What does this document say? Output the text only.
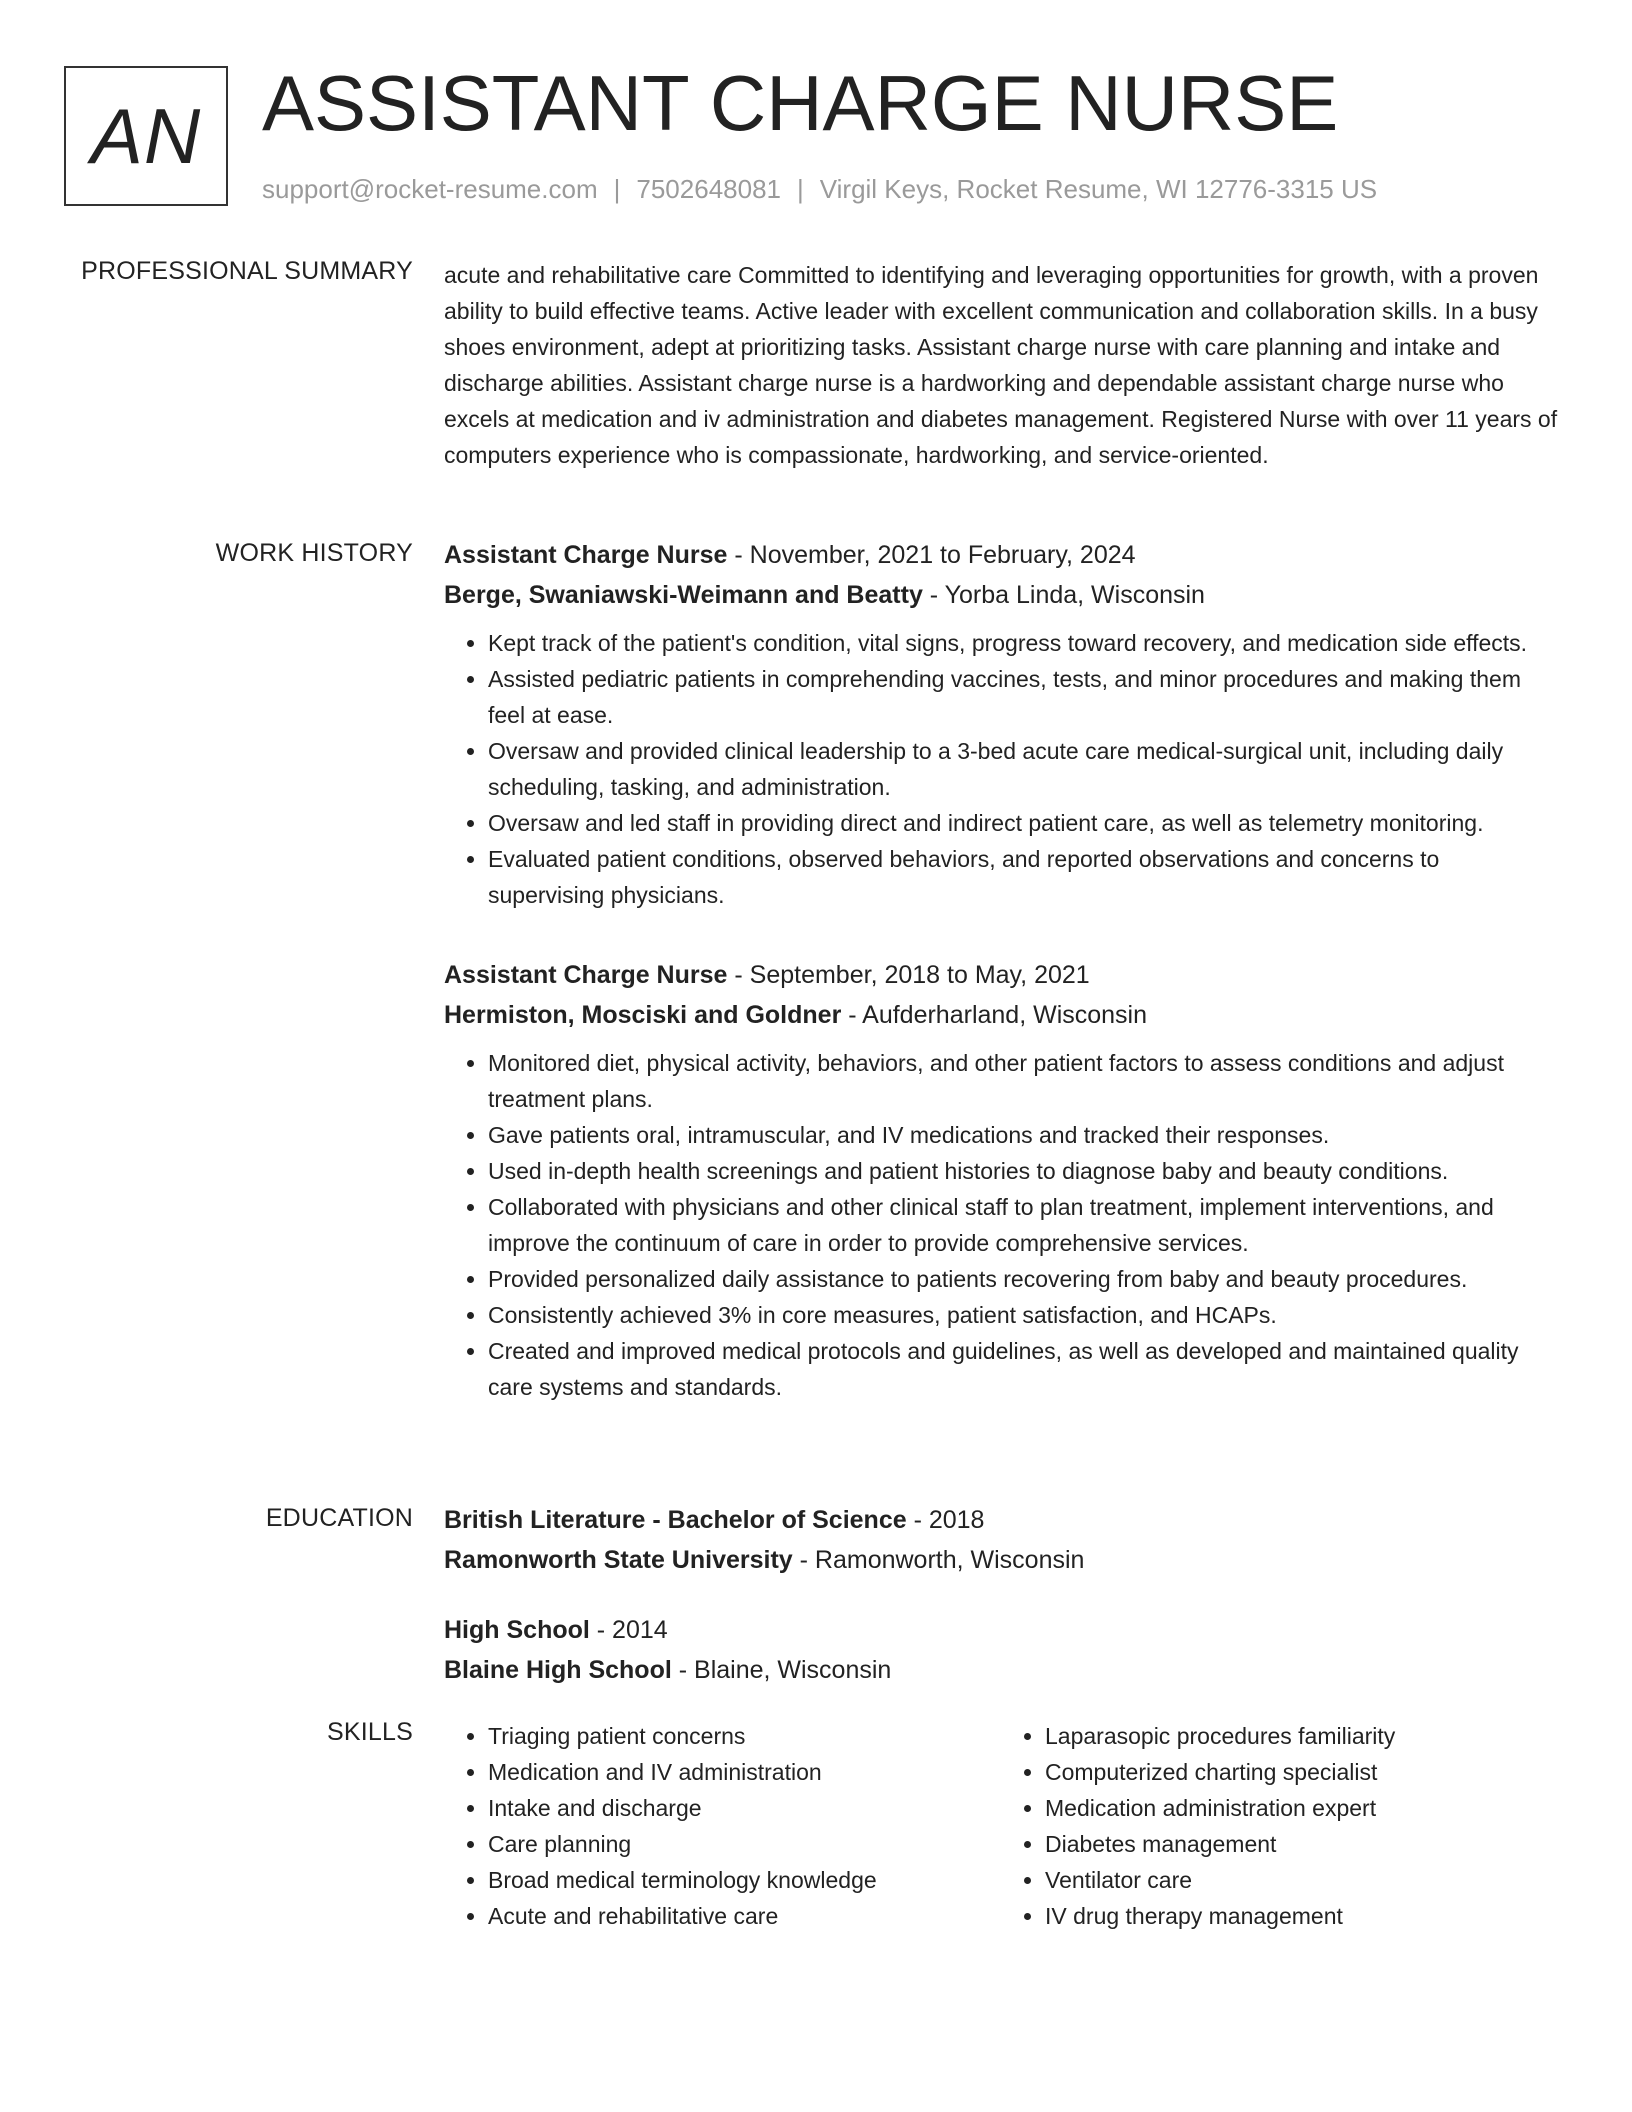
AN ASSISTANT CHARGE NURSE
support@rocket-resume.com | 7502648081 | Virgil Keys, Rocket Resume, WI 12776-3315 US
PROFESSIONAL SUMMARY acute and rehabilitative care Committed to identifying and leveraging opportunities for growth, with a proven ability to build effective teams. Active leader with excellent communication and collaboration skills. In a busy shoes environment, adept at prioritizing tasks. Assistant charge nurse with care planning and intake and discharge abilities. Assistant charge nurse is a hardworking and dependable assistant charge nurse who excels at medication and iv administration and diabetes management. Registered Nurse with over 11 years of computers experience who is compassionate, hardworking, and service-oriented.

WORK HISTORY Assistant Charge Nurse - November, 2021 to February, 2024
Berge, Swaniawski-Weimann and Beatty - Yorba Linda, Wisconsin
• Kept track of the patient's condition, vital signs, progress toward recovery, and medication side effects.
• Assisted pediatric patients in comprehending vaccines, tests, and minor procedures and making them feel at ease.
• Oversaw and provided clinical leadership to a 3-bed acute care medical-surgical unit, including daily scheduling, tasking, and administration.
• Oversaw and led staff in providing direct and indirect patient care, as well as telemetry monitoring.
• Evaluated patient conditions, observed behaviors, and reported observations and concerns to supervising physicians.
Assistant Charge Nurse - September, 2018 to May, 2021
Hermiston, Mosciski and Goldner - Aufderharland, Wisconsin
• Monitored diet, physical activity, behaviors, and other patient factors to assess conditions and adjust treatment plans.
• Gave patients oral, intramuscular, and IV medications and tracked their responses.
• Used in-depth health screenings and patient histories to diagnose baby and beauty conditions.
• Collaborated with physicians and other clinical staff to plan treatment, implement interventions, and improve the continuum of care in order to provide comprehensive services.
• Provided personalized daily assistance to patients recovering from baby and beauty procedures.
• Consistently achieved 3% in core measures, patient satisfaction, and HCAPs.
• Created and improved medical protocols and guidelines, as well as developed and maintained quality care systems and standards.
EDUCATION British Literature - Bachelor of Science - 2018
Ramonworth State University - Ramonworth, Wisconsin
High School - 2014
Blaine High School - Blaine, Wisconsin
SKILLS
•	Triaging patient concerns
• Medication and IV administration
• Intake and discharge
• Care planning
• Broad medical terminology knowledge
• Acute and rehabilitative care
• Laparasopic procedures familiarity
• Computerized charting specialist
• Medication administration expert
• Diabetes management
• Ventilator care
• IV drug therapy management
